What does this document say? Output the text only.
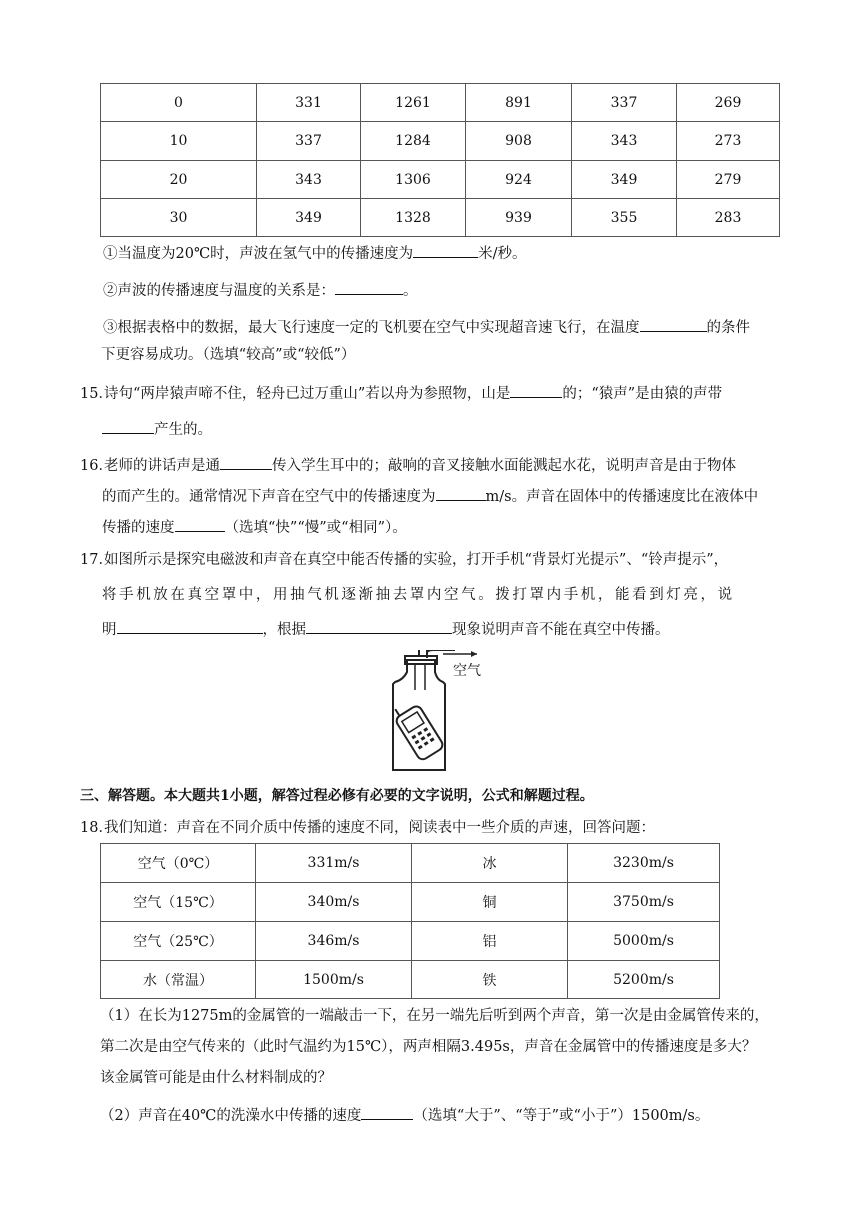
0	331	1261	891	337	269
10	337	1284	908	343	273
20	343	1306	924	349	279
30	349	1328	939	355	283
①当温度为20℃时，声波在氢气中的传播速度为	米/秒。
②声波的传播速度与温度的关系是：	。
③根据表格中的数据，最大飞行速度一定的飞机要在空气中实现超音速飞行，在温度	的条件
下更容易成功。（选填“较高”或“较低”）
15．诗句“两岸猿声啼不住，轻舟已过万重山”若以舟为参照物，山是	的；“猿声”是由猿的声带
产生的。
16．老师的讲话声是通	传入学生耳中的；敲响的音叉接触水面能溅起水花，说明声音是由于物体
的而产生的。通常情况下声音在空气中的传播速度为	m/s。声音在固体中的传播速度比在液体中
传播的速度	（选填“快”“慢”或“相同”）。
17．如图所示是探究电磁波和声音在真空中能否传播的实验，打开手机“背景灯光提示”、“铃声提示”，
将手机放在真空罩中，用抽气机逐渐抽去罩内空气。拨打罩内手机，能看到灯亮，说
明	，根据	现象说明声音不能在真空中传播。
空气
三、解答题。本大题共1小题，解答过程必修有必要的文字说明，公式和解题过程。
18．我们知道：声音在不同介质中传播的速度不同，阅读表中一些介质的声速，回答问题：
空气（0℃）	331m/s	冰	3230m/s
空气（15℃）	340m/s	铜	3750m/s
空气（25℃）	346m/s	铝	5000m/s
水（常温）	1500m/s	铁	5200m/s
（1）在长为1275m的金属管的一端敲击一下，在另一端先后听到两个声音，第一次是由金属管传来的，
第二次是由空气传来的（此时气温约为15℃），两声相隔3.495s，声音在金属管中的传播速度是多大？
该金属管可能是由什么材料制成的？
（2）声音在40℃的洗澡水中传播的速度	（选填“大于”、“等于”或“小于”）1500m/s。
